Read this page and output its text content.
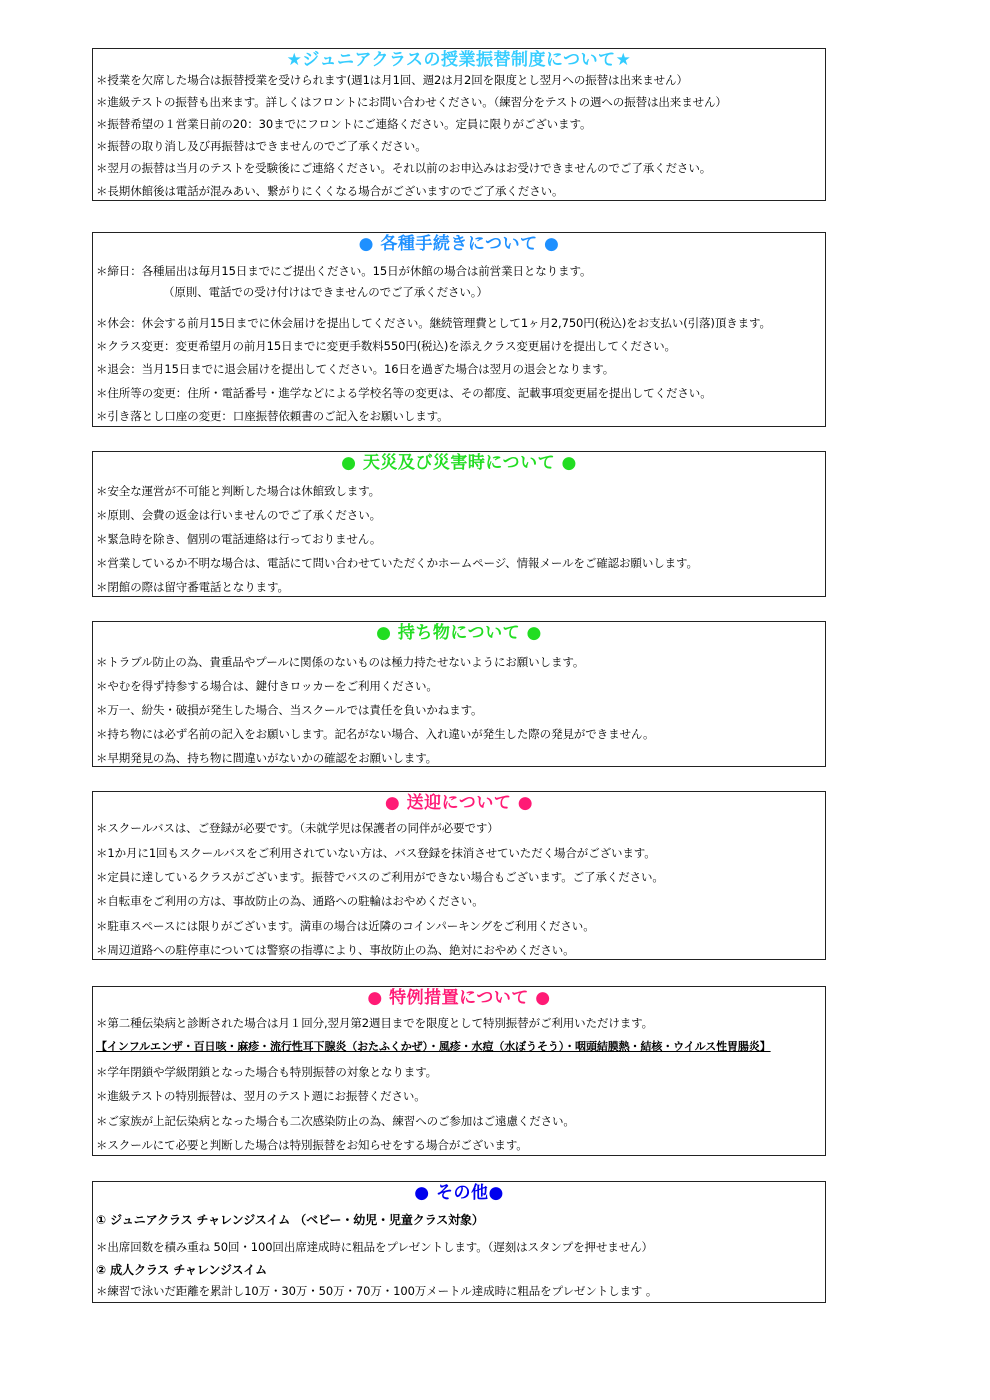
★ジュニアクラスの授業振替制度について★
＊授業を欠席した場合は振替授業を受けられます(週1は月1回、週2は月2回を限度とし翌月への振替は出来ません）
＊進級テストの振替も出来ます。詳しくはフロントにお問い合わせください。（練習分をテストの週への振替は出来ません）
＊振替希望の１営業日前の20：30までにフロントにご連絡ください。定員に限りがございます。
＊振替の取り消し及び再振替はできませんのでご了承ください。
＊翌月の振替は当月のテストを受験後にご連絡ください。それ以前のお申込みはお受けできませんのでご了承ください。
＊長期休館後は電話が混みあい、繋がりにくくなる場合がございますのでご了承ください。
● 各種手続きについて ●
＊締日：各種届出は毎月15日までにご提出ください。15日が休館の場合は前営業日となります。
（原則、電話での受け付けはできませんのでご了承ください。）
＊休会：休会する前月15日までに休会届けを提出してください。継続管理費として1ヶ月2,750円(税込)をお支払い(引落)頂きます。
＊クラス変更：変更希望月の前月15日までに変更手数料550円(税込)を添えクラス変更届けを提出してください。
＊退会：当月15日までに退会届けを提出してください。16日を過ぎた場合は翌月の退会となります。
＊住所等の変更：住所・電話番号・進学などによる学校名等の変更は、その都度、記載事項変更届を提出してください。
＊引き落とし口座の変更：口座振替依頼書のご記入をお願いします。
● 天災及び災害時について ●
＊安全な運営が不可能と判断した場合は休館致します。
＊原則、会費の返金は行いませんのでご了承ください。
＊緊急時を除き、個別の電話連絡は行っておりません。
＊営業しているか不明な場合は、電話にて問い合わせていただくかホームページ、情報メールをご確認お願いします。
＊閉館の際は留守番電話となります。
● 持ち物について ●
＊トラブル防止の為、貴重品やプールに関係のないものは極力持たせないようにお願いします。
＊やむを得ず持参する場合は、鍵付きロッカーをご利用ください。
＊万一、紛失・破損が発生した場合、当スクールでは責任を負いかねます。
＊持ち物には必ず名前の記入をお願いします。記名がない場合、入れ違いが発生した際の発見ができません。
＊早期発見の為、持ち物に間違いがないかの確認をお願いします。
● 送迎について ●
＊スクールバスは、ご登録が必要です。（未就学児は保護者の同伴が必要です）
＊1か月に1回もスクールバスをご利用されていない方は、バス登録を抹消させていただく場合がございます。
＊定員に達しているクラスがございます。振替でバスのご利用ができない場合もございます。ご了承ください。
＊自転車をご利用の方は、事故防止の為、通路への駐輪はおやめください。
＊駐車スペースには限りがございます。満車の場合は近隣のコインパーキングをご利用ください。
＊周辺道路への駐停車については警察の指導により、事故防止の為、絶対におやめください。
● 特例措置について ●
＊第二種伝染病と診断された場合は月１回分,翌月第2週目までを限度として特別振替がご利用いただけます。
【インフルエンザ・百日咳・麻疹・流行性耳下腺炎（おたふくかぜ）・風疹・水痘（水ぼうそう）・咽頭結膜熱・結核・ウイルス性胃腸炎】
＊学年閉鎖や学級閉鎖となった場合も特別振替の対象となります。
＊進級テストの特別振替は、翌月のテスト週にお振替ください。
＊ご家族が上記伝染病となった場合も二次感染防止の為、練習へのご参加はご遠慮ください。
＊スクールにて必要と判断した場合は特別振替をお知らせをする場合がございます。
● その他●
① ジュニアクラス チャレンジスイム （ベビー・幼児・児童クラス対象）
＊出席回数を積み重ね 50回・100回出席達成時に粗品をプレゼントします。（遅刻はスタンプを押せません）
② 成人クラス チャレンジスイム
＊練習で泳いだ距離を累計し10万・30万・50万・70万・100万メートル達成時に粗品をプレゼントします 。
